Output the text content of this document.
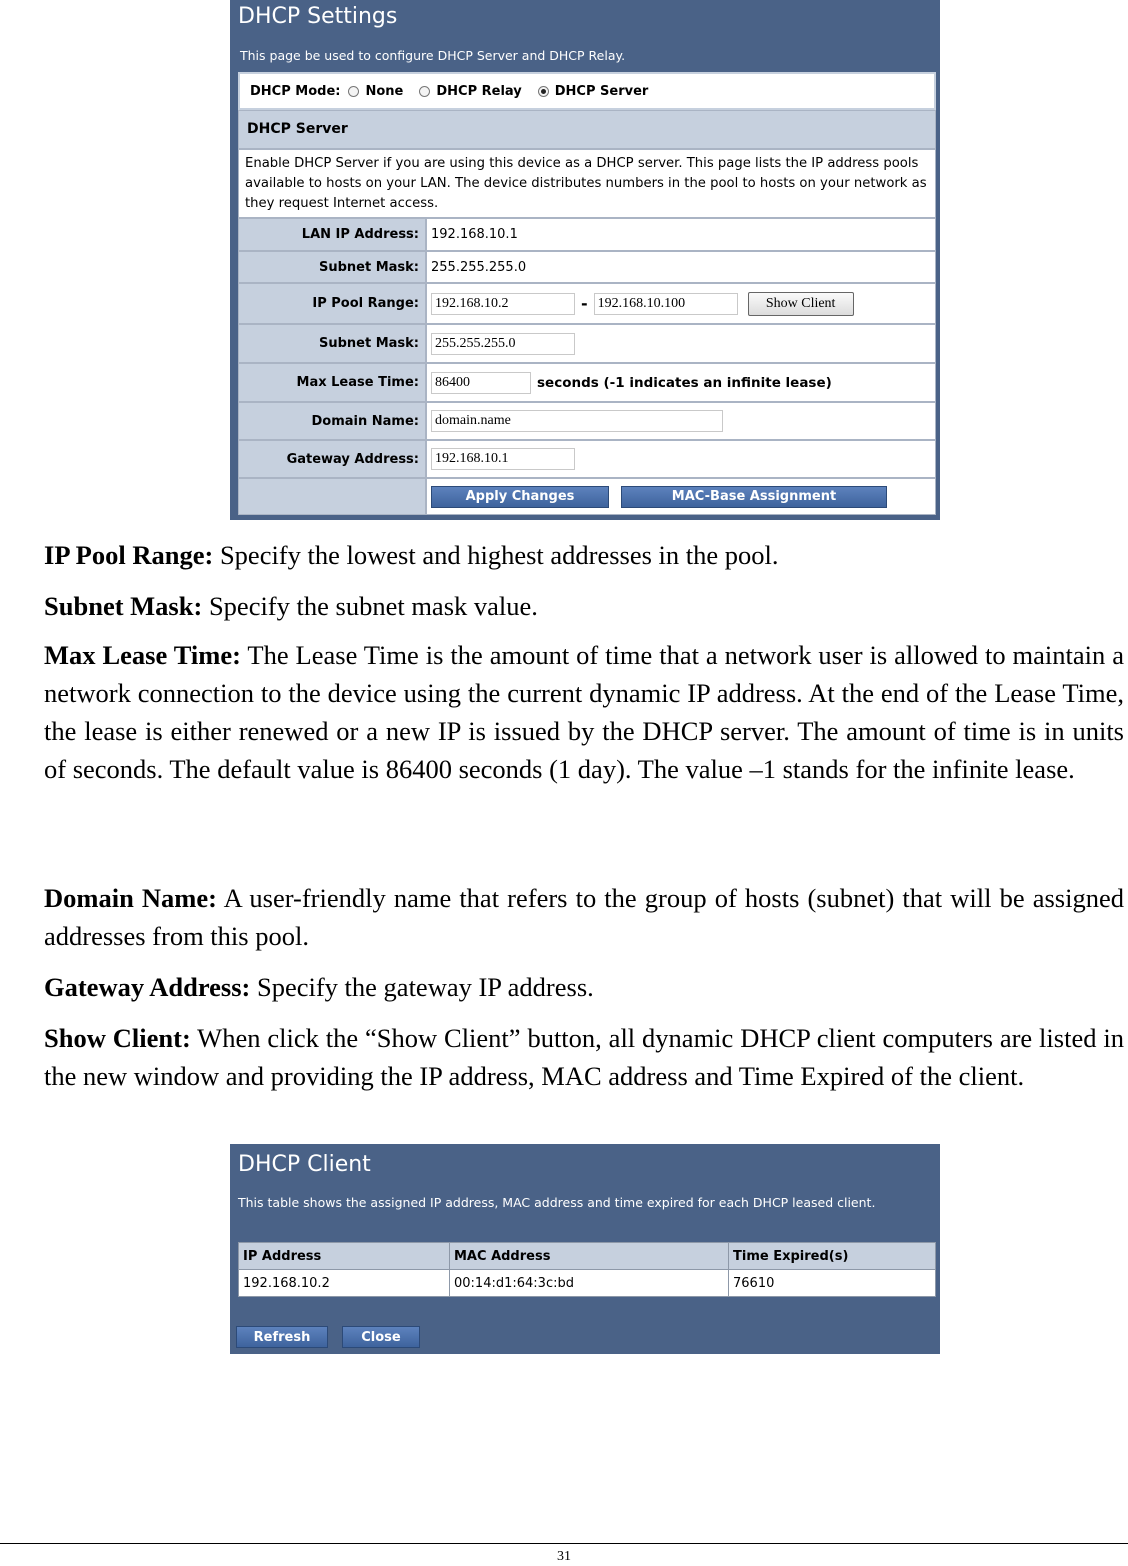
DHCP Settings
This page be used to configure DHCP Server and DHCP Relay.
DHCP Mode: None	DHCP Relay	DHCP Server
DHCP Server
Enable DHCP Server if you are using this device as a DHCP server. This page lists the IP address pools available to hosts on your LAN. The device distributes numbers in the pool to hosts on your network as they request Internet access.
LAN IP Address: 192.168.10.1
Subnet Mask: 255.255.255.0
IP Pool Range:	192.168.10.2	- 192.168.10.100	Show Client
Subnet Mask:	255.255.255.0
Max Lease Time:	86400	seconds (-1 indicates an infinite lease)
Domain Name:	domain.name
Gateway Address:	192.168.10.1
Apply Changes	MAC-Base Assignment
IP Pool Range: Specify the lowest and highest addresses in the pool.
Subnet Mask: Specify the subnet mask value.
Max Lease Time: The Lease Time is the amount of time that a network user is allowed to maintain a network connection to the device using the current dynamic IP address. At the end of the Lease Time, the lease is either renewed or a new IP is issued by the DHCP server. The amount of time is in units of seconds. The default value is 86400 seconds (1 day). The value –1 stands for the infinite lease.
Domain Name: A user-friendly name that refers to the group of hosts (subnet) that will be assigned addresses from this pool.
Gateway Address: Specify the gateway IP address.
Show Client: When click the “Show Client” button, all dynamic DHCP client computers are listed in the new window and providing the IP address, MAC address and Time Expired of the client.
DHCP Client
This table shows the assigned IP address, MAC address and time expired for each DHCP leased client.
IP Address	MAC Address	Time Expired(s)
192.168.10.2	00:14:d1:64:3c:bd	76610
Refresh	Close
31
